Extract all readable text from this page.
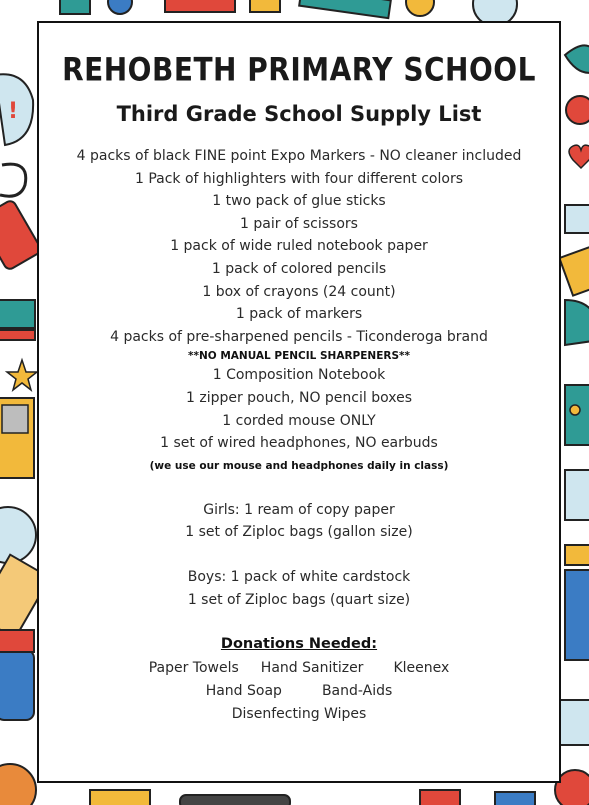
!
REHOBETH PRIMARY SCHOOL
Third Grade School Supply List
4 packs of black FINE point Expo Markers - NO cleaner included
1 Pack of highlighters with four different colors
1 two pack of glue sticks
1 pair of scissors
1 pack of wide ruled notebook paper
1 pack of colored pencils
1 box of crayons (24 count)
1 pack of markers
4 packs of pre-sharpened pencils - Ticonderoga brand
**NO MANUAL PENCIL SHARPENERS**
1 Composition Notebook
1 zipper pouch, NO pencil boxes
1 corded mouse ONLY
1 set of wired headphones, NO earbuds
(we use our mouse and headphones daily in class)

Girls: 1 ream of copy paper

1 set of Ziploc bags (gallon size)

Boys: 1 pack of white cardstock

1 set of Ziploc bags (quart size)

Donations Needed:
Paper Towels Hand Sanitizer Kleenex
Hand Soap	Band-Aids
Disenfecting Wipes
